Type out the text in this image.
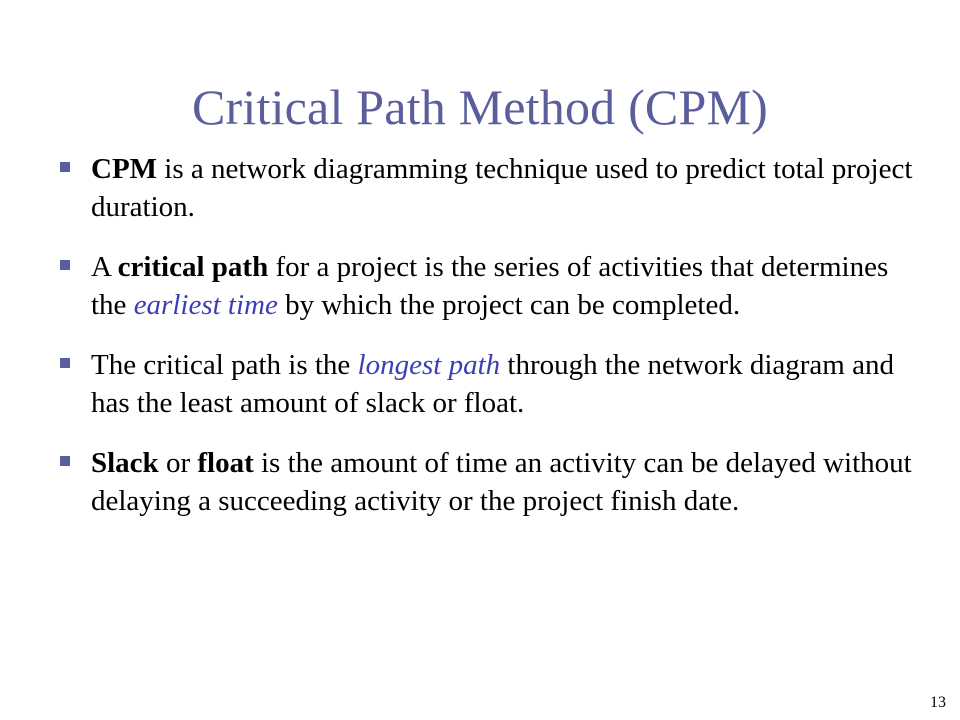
Critical Path Method (CPM)
CPM is a network diagramming technique used to predict total project duration.
A critical path for a project is the series of activities that determines the earliest time by which the project can be completed.
The critical path is the longest path through the network diagram and has the least amount of slack or float.
Slack or float is the amount of time an activity can be delayed without delaying a succeeding activity or the project finish date.
13
